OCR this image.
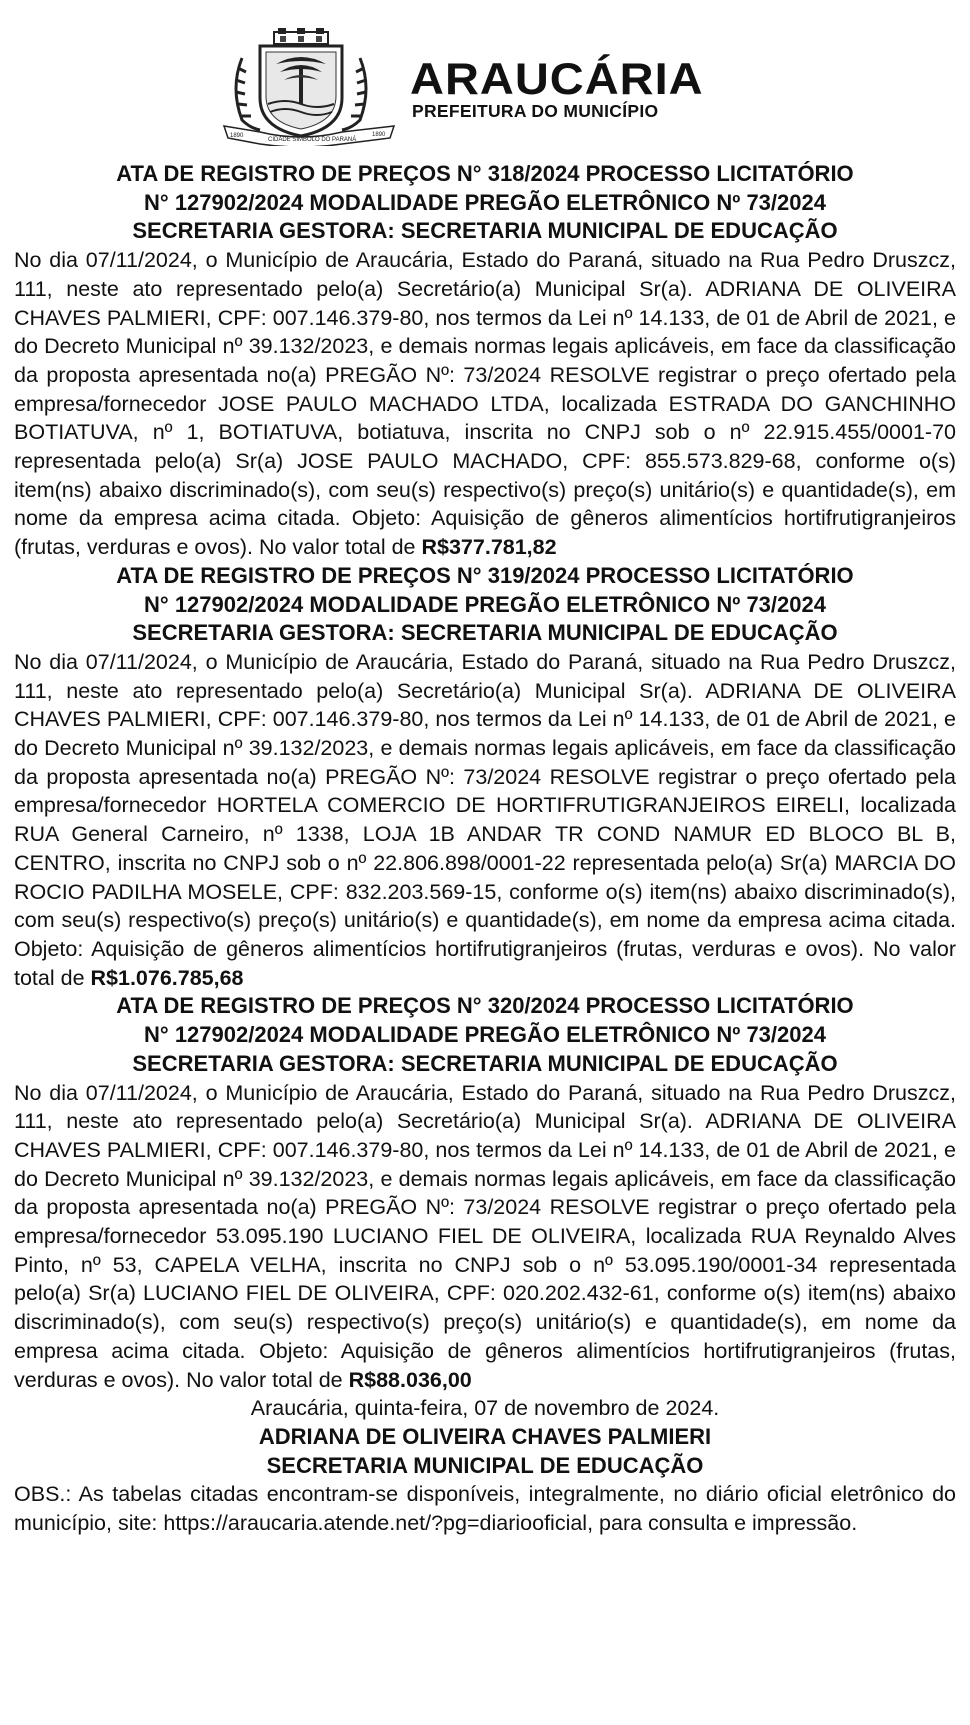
1890
CIDADE SÍMBOLO DO PARANÁ
1890
ARAUCÁRIA
PREFEITURA DO MUNICÍPIO

ATA DE REGISTRO DE PREÇOS N° 318/2024 PROCESSO LICITATÓRIO

N° 127902/2024 MODALIDADE PREGÃO ELETRÔNICO Nº 73/2024

SECRETARIA GESTORA: SECRETARIA MUNICIPAL DE EDUCAÇÃO

No dia 07/11/2024, o Município de Araucária, Estado do Paraná, situado na Rua Pedro Druszcz, 111, neste ato representado pelo(a) Secretário(a) Municipal Sr(a). ADRIANA DE OLIVEIRA CHAVES PALMIERI, CPF: 007.146.379-80, nos termos da Lei nº 14.133, de 01 de Abril de 2021, e do Decreto Municipal nº 39.132/2023, e demais normas legais aplicáveis, em face da classificação da proposta apresentada no(a) PREGÃO Nº: 73/2024 RESOLVE registrar o preço ofertado pela empresa/fornecedor JOSE PAULO MACHADO LTDA, localizada ESTRADA DO GANCHINHO BOTIATUVA, nº 1, BOTIATUVA, botiatuva, inscrita no CNPJ sob o nº 22.915.455/0001-70 representada pelo(a) Sr(a) JOSE PAULO MACHADO, CPF: 855.573.829-68, conforme o(s) item(ns) abaixo discriminado(s), com seu(s) respectivo(s) preço(s) unitário(s) e quantidade(s), em nome da empresa acima citada. Objeto: Aquisição de gêneros alimentícios hortifrutigranjeiros (frutas, verduras e ovos). No valor total de R$377.781,82

ATA DE REGISTRO DE PREÇOS N° 319/2024 PROCESSO LICITATÓRIO

N° 127902/2024 MODALIDADE PREGÃO ELETRÔNICO Nº 73/2024

SECRETARIA GESTORA: SECRETARIA MUNICIPAL DE EDUCAÇÃO

No dia 07/11/2024, o Município de Araucária, Estado do Paraná, situado na Rua Pedro Druszcz, 111, neste ato representado pelo(a) Secretário(a) Municipal Sr(a). ADRIANA DE OLIVEIRA CHAVES PALMIERI, CPF: 007.146.379-80, nos termos da Lei nº 14.133, de 01 de Abril de 2021, e do Decreto Municipal nº 39.132/2023, e demais normas legais aplicáveis, em face da classificação da proposta apresentada no(a) PREGÃO Nº: 73/2024 RESOLVE registrar o preço ofertado pela empresa/fornecedor HORTELA COMERCIO DE HORTIFRUTIGRANJEIROS EIRELI, localizada RUA General Carneiro, nº 1338, LOJA 1B ANDAR TR COND NAMUR ED BLOCO BL B, CENTRO, inscrita no CNPJ sob o nº 22.806.898/0001-22 representada pelo(a) Sr(a) MARCIA DO ROCIO PADILHA MOSELE, CPF: 832.203.569-15, conforme o(s) item(ns) abaixo discriminado(s), com seu(s) respectivo(s) preço(s) unitário(s) e quantidade(s), em nome da empresa acima citada. Objeto: Aquisição de gêneros alimentícios hortifrutigranjeiros (frutas, verduras e ovos). No valor total de R$1.076.785,68

ATA DE REGISTRO DE PREÇOS N° 320/2024 PROCESSO LICITATÓRIO

N° 127902/2024 MODALIDADE PREGÃO ELETRÔNICO Nº 73/2024

SECRETARIA GESTORA: SECRETARIA MUNICIPAL DE EDUCAÇÃO

No dia 07/11/2024, o Município de Araucária, Estado do Paraná, situado na Rua Pedro Druszcz, 111, neste ato representado pelo(a) Secretário(a) Municipal Sr(a). ADRIANA DE OLIVEIRA CHAVES PALMIERI, CPF: 007.146.379-80, nos termos da Lei nº 14.133, de 01 de Abril de 2021, e do Decreto Municipal nº 39.132/2023, e demais normas legais aplicáveis, em face da classificação da proposta apresentada no(a) PREGÃO Nº: 73/2024 RESOLVE registrar o preço ofertado pela empresa/fornecedor 53.095.190 LUCIANO FIEL DE OLIVEIRA, localizada RUA Reynaldo Alves Pinto, nº 53, CAPELA VELHA, inscrita no CNPJ sob o nº 53.095.190/0001-34 representada pelo(a) Sr(a) LUCIANO FIEL DE OLIVEIRA, CPF: 020.202.432-61, conforme o(s) item(ns) abaixo discriminado(s), com seu(s) respectivo(s) preço(s) unitário(s) e quantidade(s), em nome da empresa acima citada. Objeto: Aquisição de gêneros alimentícios hortifrutigranjeiros (frutas, verduras e ovos). No valor total de R$88.036,00

Araucária, quinta-feira, 07 de novembro de 2024.

ADRIANA DE OLIVEIRA CHAVES PALMIERI

SECRETARIA MUNICIPAL DE EDUCAÇÃO

OBS.: As tabelas citadas encontram-se disponíveis, integralmente, no diário oficial eletrônico do município, site: https://araucaria.atende.net/?pg=diariooficial, para consulta e impressão.
